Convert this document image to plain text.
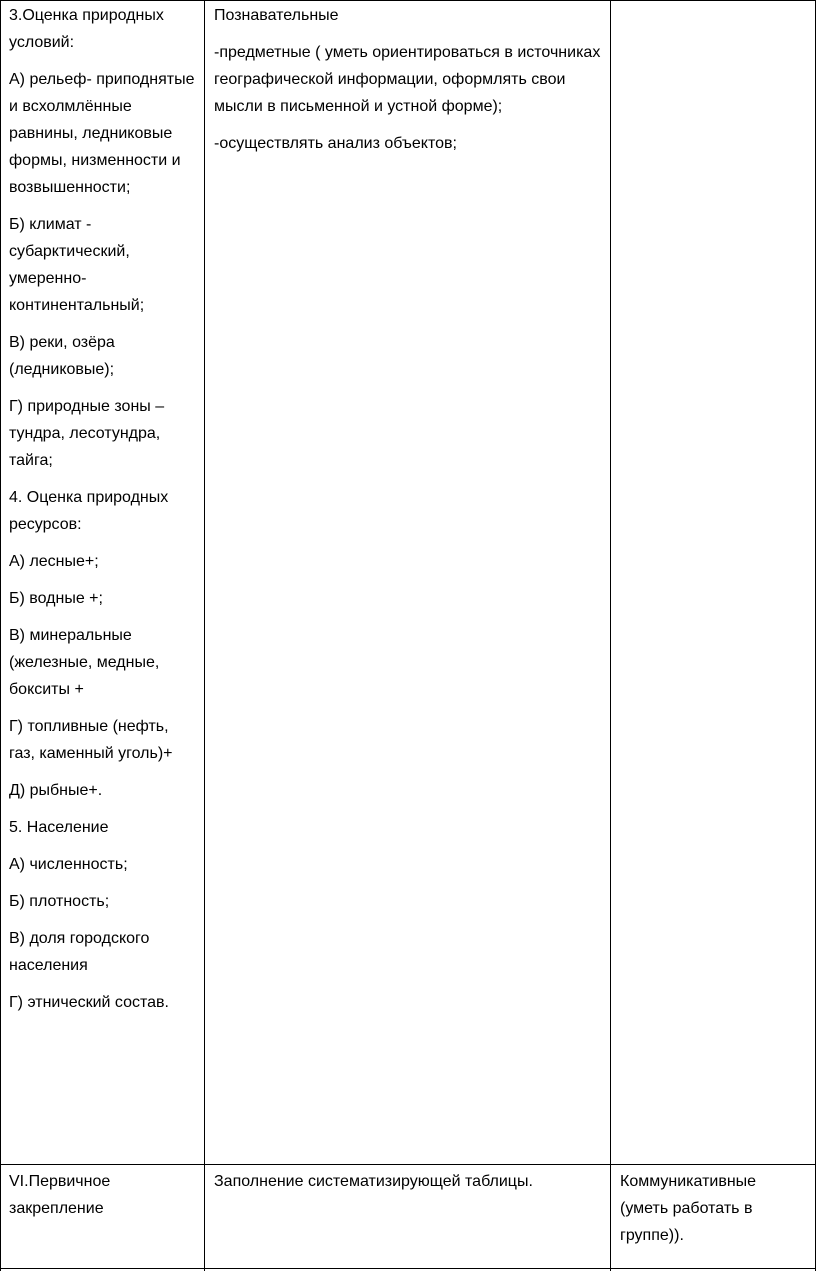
3.Оценка природных условий:

А) рельеф- приподнятые и всхолмлённые равнины, ледниковые формы, низменности и возвышенности;

Б) климат - субарктический, умеренно-континентальный;

В) реки, озёра (ледниковые);

Г) природные зоны – тундра, лесотундра, тайга;

4. Оценка природных ресурсов:

А) лесные+;

Б) водные +;

В) минеральные (железные, медные, бокситы +

Г) топливные (нефть, газ, каменный уголь)+

Д) рыбные+.

5. Население

А) численность;

Б) плотность;

В) доля городского населения

Г) этнический состав.

Познавательные

-предметные ( уметь ориентироваться в источниках географической информации, оформлять свои мысли в письменной и устной форме);

-осуществлять анализ объектов;

VI.Первичное закрепление

Заполнение систематизирующей таблицы.	Коммуникативные (уметь работать в группе)).
